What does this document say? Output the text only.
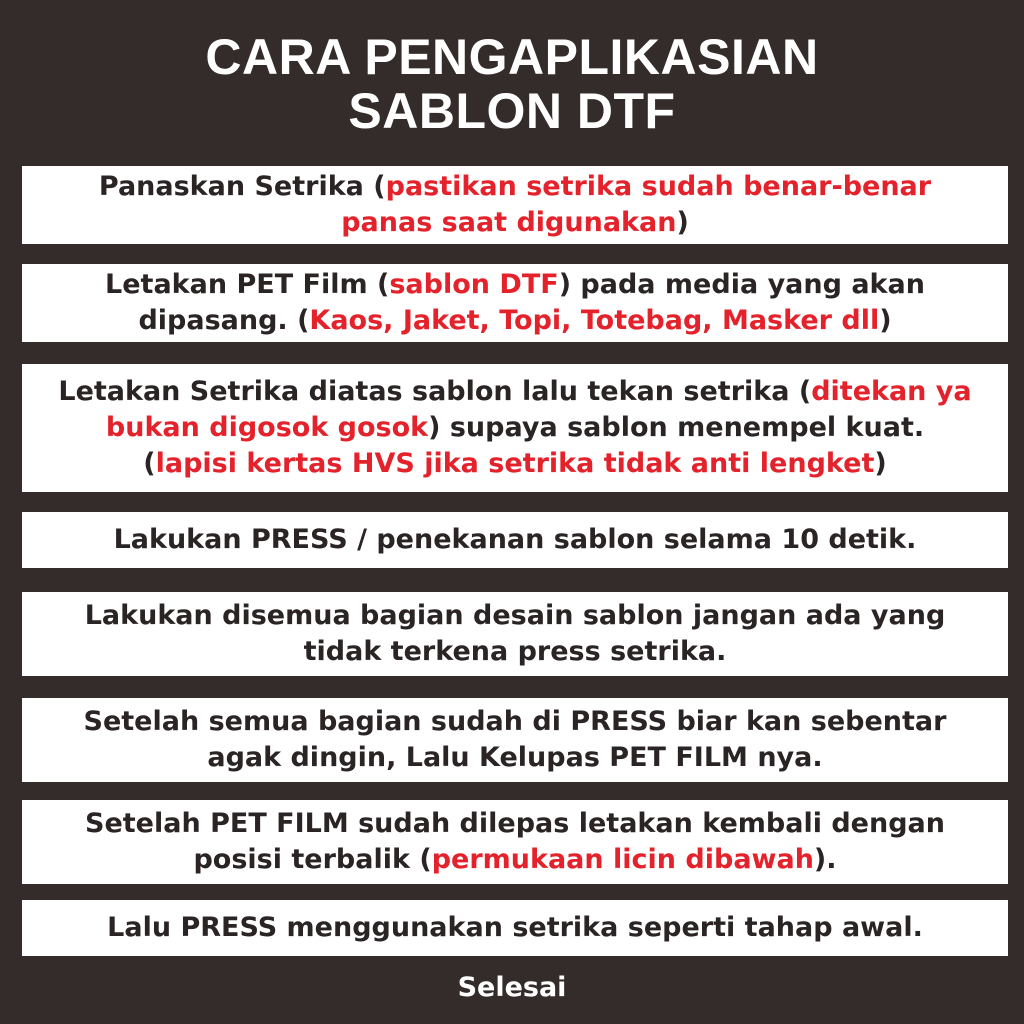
CARA PENGAPLIKASIAN
SABLON DTF
Panaskan Setrika (pastikan setrika sudah benar-benar
panas saat digunakan)
Letakan PET Film (sablon DTF) pada media yang akan
dipasang. (Kaos, Jaket, Topi, Totebag, Masker dll)
Letakan Setrika diatas sablon lalu tekan setrika (ditekan ya
bukan digosok gosok) supaya sablon menempel kuat.
(lapisi kertas HVS jika setrika tidak anti lengket)
Lakukan PRESS / penekanan sablon selama 10 detik.
Lakukan disemua bagian desain sablon jangan ada yang
tidak terkena press setrika.
Setelah semua bagian sudah di PRESS biar kan sebentar
agak dingin, Lalu Kelupas PET FILM nya.
Setelah PET FILM sudah dilepas letakan kembali dengan
posisi terbalik (permukaan licin dibawah).
Lalu PRESS menggunakan setrika seperti tahap awal.
Selesai
